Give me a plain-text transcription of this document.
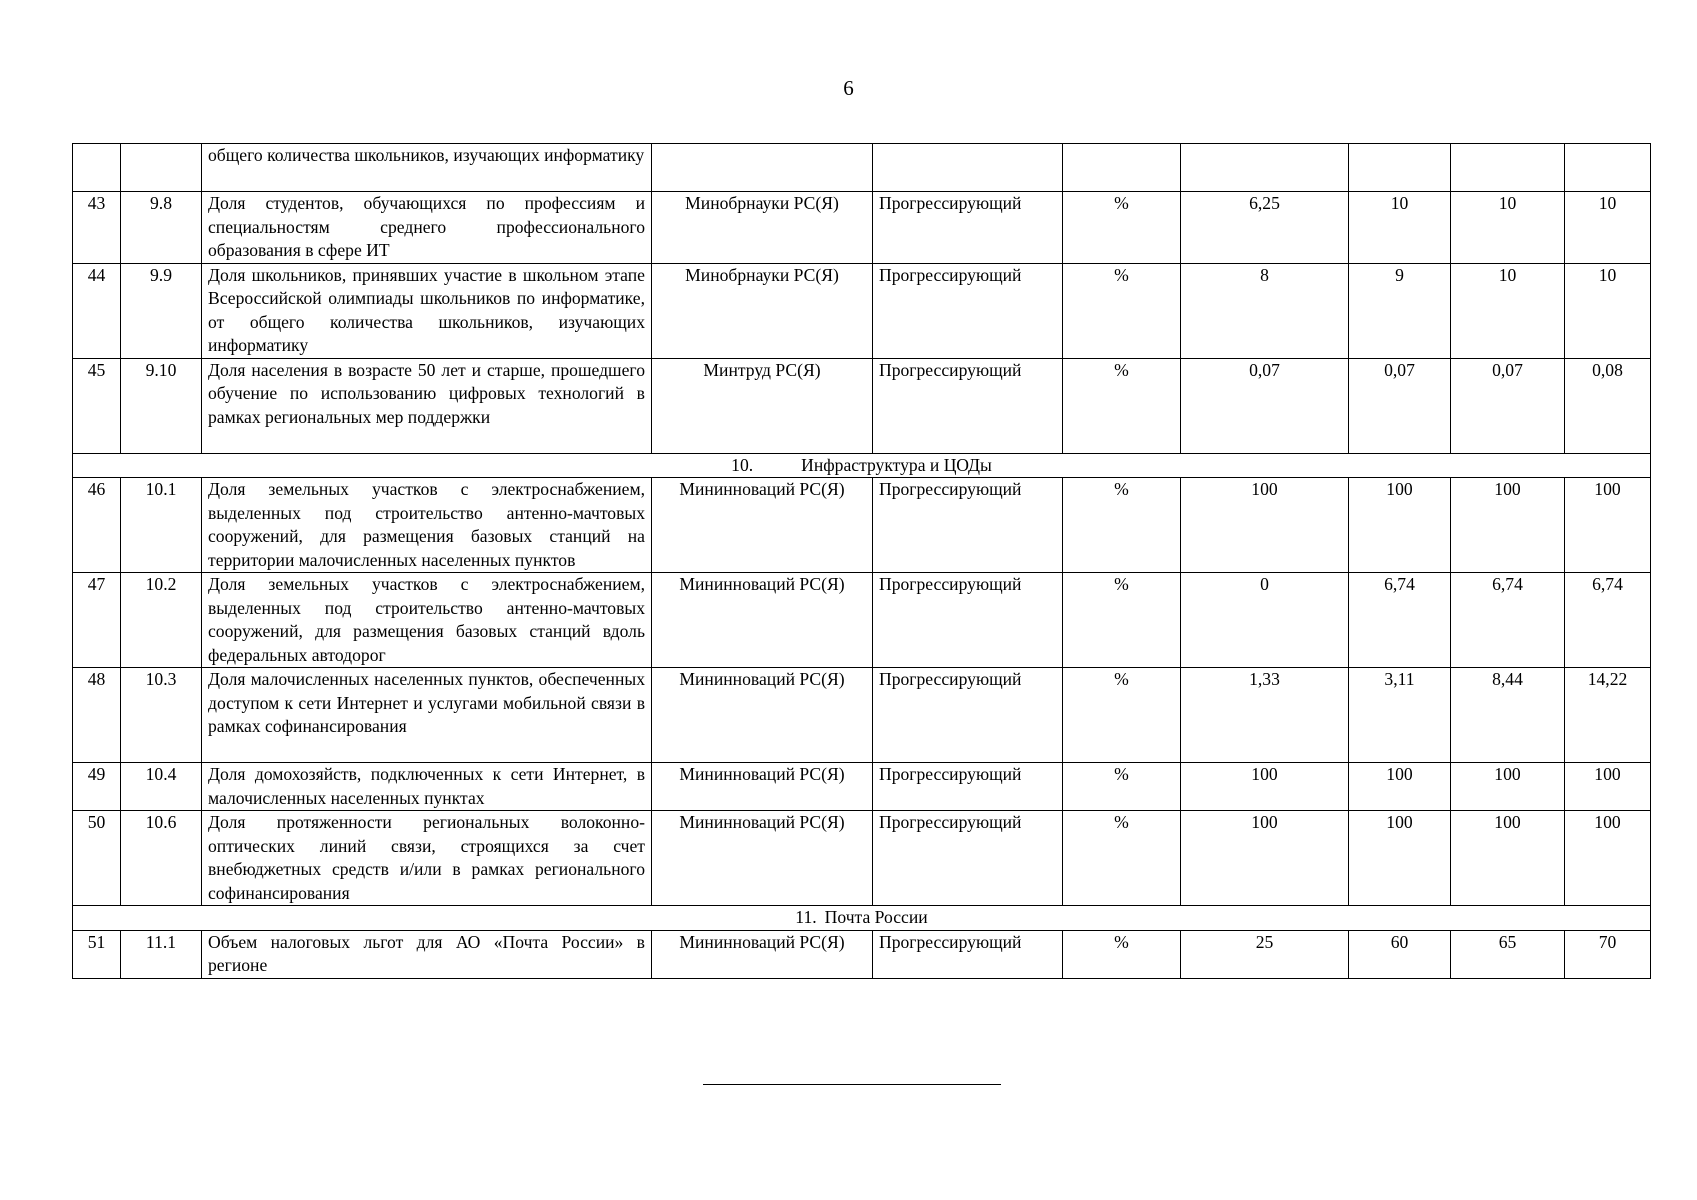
6
		общего количества школьников, изучающих информатику							
43	9.8	Доля студентов, обучающихся по профессиям и специальностям среднего профессионального образования в сфере ИТ	Минобрнауки РС(Я)	Прогрессирующий	%	6,25	10	10	10
44	9.9	Доля школьников, принявших участие в школьном этапе Всероссийской олимпиады школьников по информатике, от общего количества школьников, изучающих информатику	Минобрнауки РС(Я)	Прогрессирующий	%	8	9	10	10
45	9.10	Доля населения в возрасте 50 лет и старше, прошедшего обучение по использованию цифровых технологий в рамках региональных мер поддержки	Минтруд РС(Я)	Прогрессирующий	%	0,07	0,07	0,07	0,08
10. Инфраструктура и ЦОДы									
46	10.1	Доля земельных участков с электроснабжением, выделенных под строительство антенно-мачтовых сооружений, для размещения базовых станций на территории малочисленных населенных пунктов	Мининноваций РС(Я)	Прогрессирующий	%	100	100	100	100
47	10.2	Доля земельных участков с электроснабжением, выделенных под строительство антенно-мачтовых сооружений, для размещения базовых станций вдоль федеральных автодорог	Мининноваций РС(Я)	Прогрессирующий	%	0	6,74	6,74	6,74
48	10.3	Доля малочисленных населенных пунктов, обеспеченных доступом к сети Интернет и услугами мобильной связи в рамках софинансирования	Мининноваций РС(Я)	Прогрессирующий	%	1,33	3,11	8,44	14,22
49	10.4	Доля домохозяйств, подключенных к сети Интернет, в малочисленных населенных пунктах	Мининноваций РС(Я)	Прогрессирующий	%	100	100	100	100
50	10.6	Доля протяженности региональных волоконно-оптических линий связи, строящихся за счет внебюджетных средств и/или в рамках регионального софинансирования	Мининноваций РС(Я)	Прогрессирующий	%	100	100	100	100
11. Почта России									
51	11.1	Объем налоговых льгот для АО «Почта России» в регионе	Мининноваций РС(Я)	Прогрессирующий	%	25	60	65	70
